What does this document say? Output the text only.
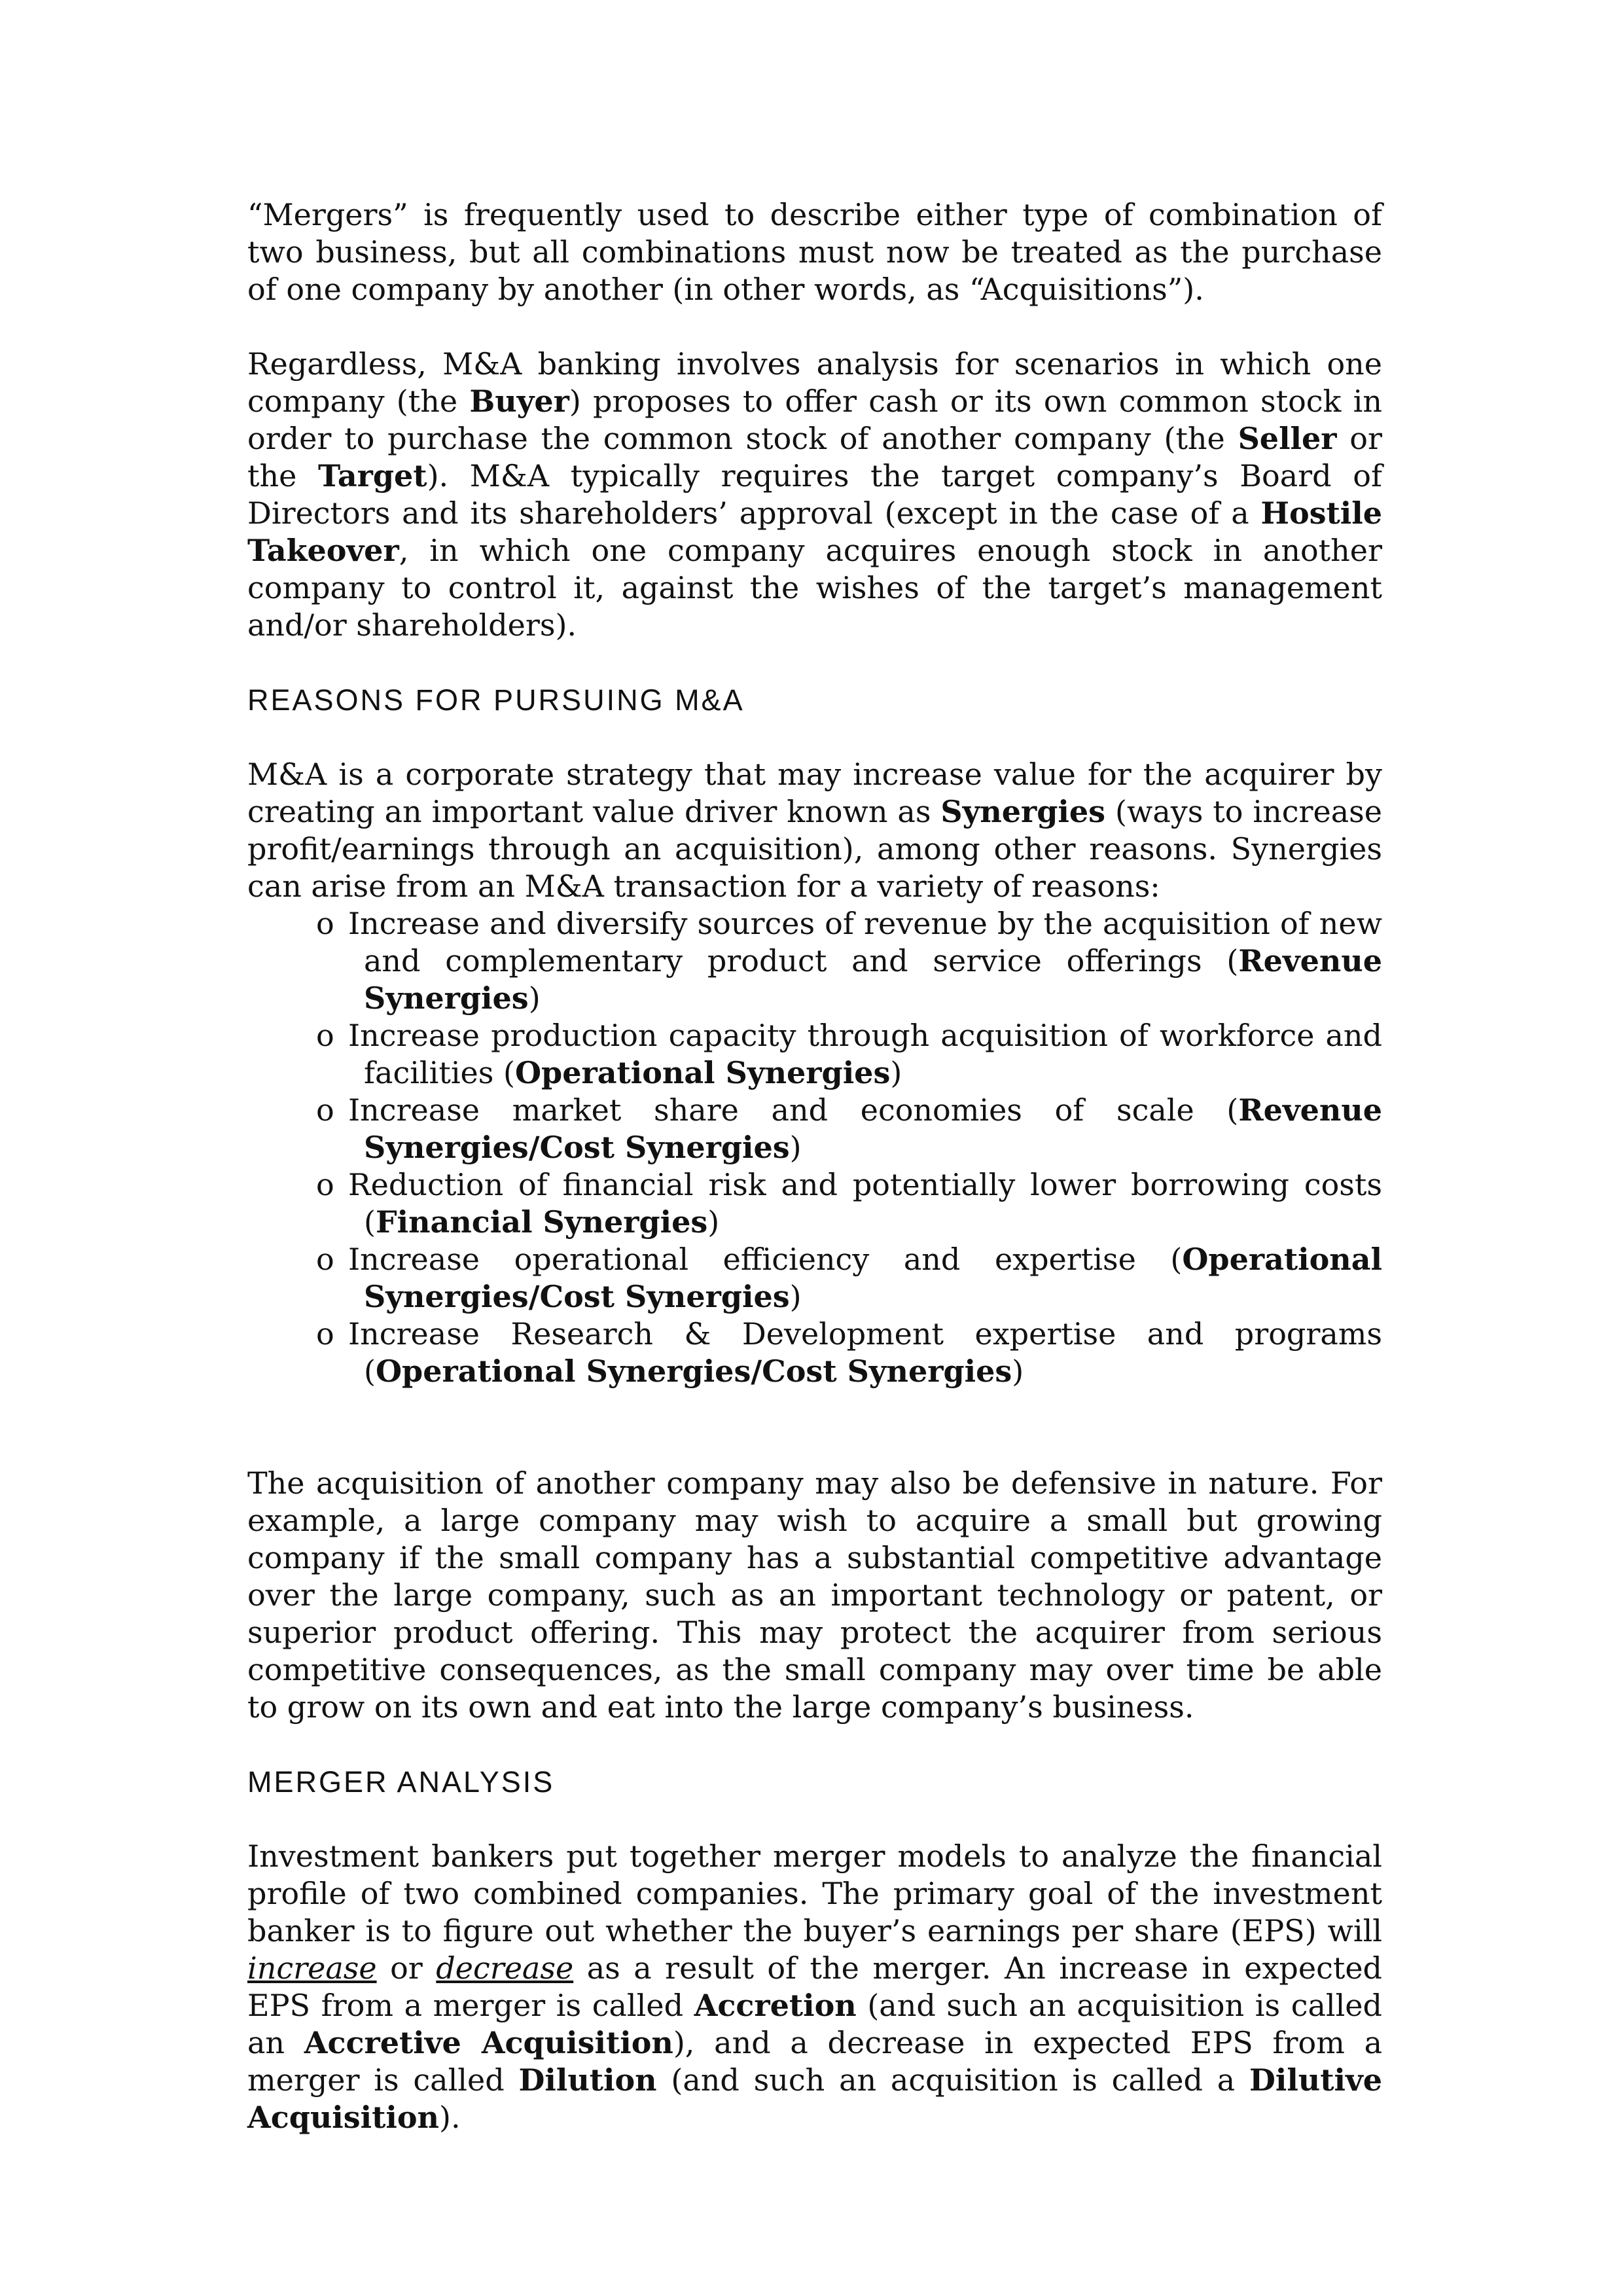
“Mergers” is frequently used to describe either type of combination of two business, but all combinations must now be treated as the purchase of one company by another (in other words, as “Acquisitions”).

Regardless, M&A banking involves analysis for scenarios in which one company (the Buyer) proposes to offer cash or its own common stock in order to purchase the common stock of another company (the Seller or the Target). M&A typically requires the target company’s Board of Directors and its shareholders’ approval (except in the case of a Hostile Takeover, in which one company acquires enough stock in another company to control it, against the wishes of the target’s management and/or shareholders).

REASONS FOR PURSUING M&A

M&A is a corporate strategy that may increase value for the acquirer by creating an important value driver known as Synergies (ways to increase profit/earnings through an acquisition), among other reasons. Synergies can arise from an M&A transaction for a variety of reasons:

o Increase and diversify sources of revenue by the acquisition of new and complementary product and service offerings (Revenue Synergies)
o Increase production capacity through acquisition of workforce and facilities (Operational Synergies)
o Increase market share and economies of scale (Revenue Synergies/Cost Synergies)
o Reduction of financial risk and potentially lower borrowing costs (Financial Synergies)
o Increase operational efficiency and expertise (Operational Synergies/Cost Synergies)
o Increase Research & Development expertise and programs (Operational Synergies/Cost Synergies)

The acquisition of another company may also be defensive in nature. For example, a large company may wish to acquire a small but growing company if the small company has a substantial competitive advantage over the large company, such as an important technology or patent, or superior product offering. This may protect the acquirer from serious competitive consequences, as the small company may over time be able to grow on its own and eat into the large company’s business.

MERGER ANALYSIS

Investment bankers put together merger models to analyze the financial profile of two combined companies. The primary goal of the investment banker is to figure out whether the buyer’s earnings per share (EPS) will increase or decrease as a result of the merger. An increase in expected EPS from a merger is called Accretion (and such an acquisition is called an Accretive Acquisition), and a decrease in expected EPS from a merger is called Dilution (and such an acquisition is called a Dilutive Acquisition).
